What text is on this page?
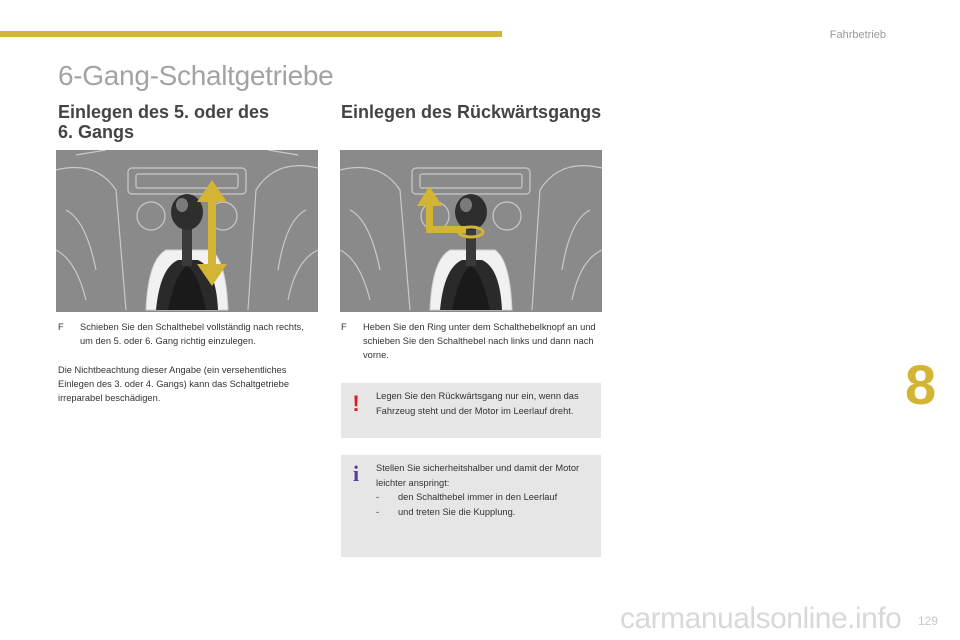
Fahrbetrieb
6-Gang-Schaltgetriebe
Einlegen des 5. oder des
6. Gangs
Einlegen des Rückwärtsgangs
F Schieben Sie den Schalthebel vollständig nach rechts, um den 5. oder 6. Gang richtig einzulegen.
Die Nichtbeachtung dieser Angabe (ein versehentliches Einlegen des 3. oder 4. Gangs) kann das Schaltgetriebe irreparabel beschädigen.
F Heben Sie den Ring unter dem Schalthebelknopf an und schieben Sie den Schalthebel nach links und dann nach vorne.
! Legen Sie den Rückwärtsgang nur ein, wenn das Fahrzeug steht und der Motor im Leerlauf dreht.
i Stellen Sie sicherheitshalber und damit der Motor leichter anspringt:
-	den Schalthebel immer in den Leerlauf
-	und treten Sie die Kupplung.
8
carmanualsonline.info 129
